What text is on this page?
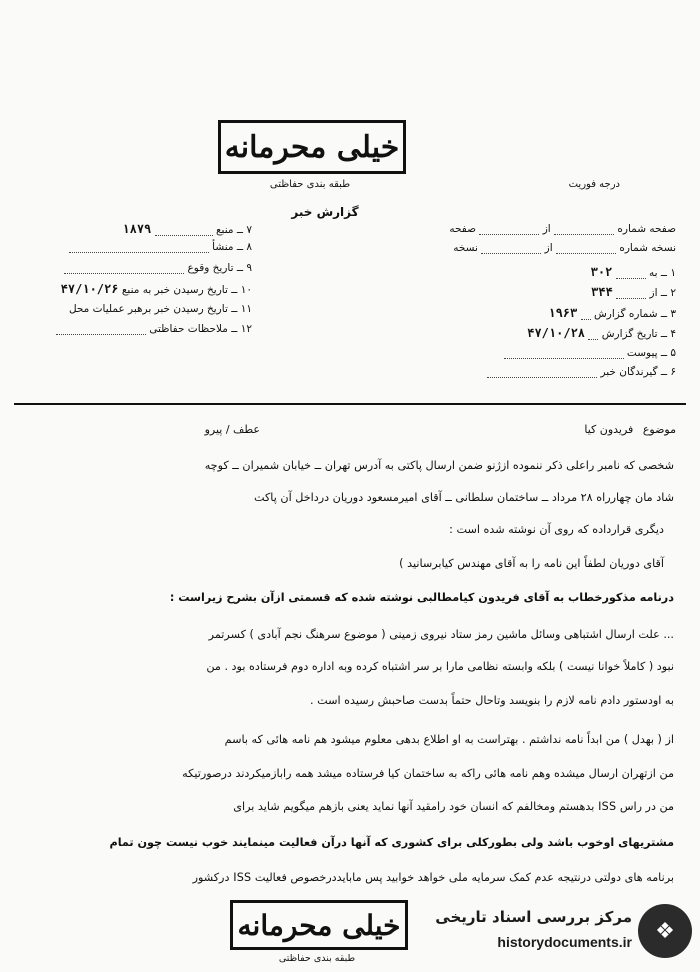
خیلی محرمانه
طبقه بندی حفاظتی	درجه فوریت
گزارش خبر
۷ ــ منبع  ۱۸۷۹
۸ ــ منشأ
۹ ــ تاریخ وقوع
۱۰ ــ تاریخ رسیدن خبر به منبع ۴۷/۱۰/۲۶
۱۱ ــ تاریخ رسیدن خبر برهبر عملیات محل
۱۲ ــ ملاحظات حفاظتی
صفحه شماره  از  صفحه
نسخه شماره  از  نسخه
۱ ــ به  ۳۰۲
۲ ــ از  ۳۴۴
۳ ــ شماره گزارش  ۱۹۶۳
۴ ــ تاریخ گزارش  ۴۷/۱۰/۲۸
۵ ــ پیوست
۶ ــ گیرندگان خبر
موضوع فریدون کیا
عطف / پیرو
شخصی که نامبر راعلی ذکر ننموده ازژنو ضمن ارسال پاکتی به آدرس تهران ــ خیابان شمیران ــ کوچه
شاد مان چهارراه ۲۸ مرداد ــ ساختمان سلطانی ــ آقای امیرمسعود دوریان درداخل آن پاکت
دیگری قرارداده که روی آن نوشته شده است :
آقای دوریان لطفاً این نامه را به آقای مهندس کیابرسانید )
درنامه مذکورخطاب به آقای فریدون کیامطالبی نوشته شده که قسمتی ازآن بشرح زیراست :
... علت ارسال اشتباهی وسائل ماشین رمز ستاد نیروی زمینی ( موضوع سرهنگ نجم آبادی ) کسرتمر
نبود ( کاملاً خوانا نیست ) بلکه وابسته نظامی مارا بر سر اشتباه کرده وبه اداره دوم فرستاده بود . من
به اودستور دادم نامه لازم را بنویسد وتاحال حتماً بدست صاحبش رسیده است .
از ( بهدل ) من ابداً نامه نداشتم . بهتراست به او اطلاع بدهی معلوم میشود هم نامه هائی که باسم
من ازتهران ارسال میشده وهم نامه هائی راکه به ساختمان کیا فرستاده میشد همه رابازمیکردند درصورتیکه
من در راس ISS بدهستم ومخالفم که انسان خود رامقید آنها نماید یعنی بازهم میگویم شاید برای
مشتریهای اوخوب باشد ولی بطورکلی برای کشوری که آنها درآن فعالیت مینمایند خوب نیست چون تمام
برنامه های دولتی درنتیجه عدم کمک سرمایه ملی خواهد خوابید پس مابایددرخصوص فعالیت ISS درکشور
خیلی محرمانه
طبقه بندی حفاظتی
❖
مرکز بررسی اسناد تاریخی
historydocuments.ir
